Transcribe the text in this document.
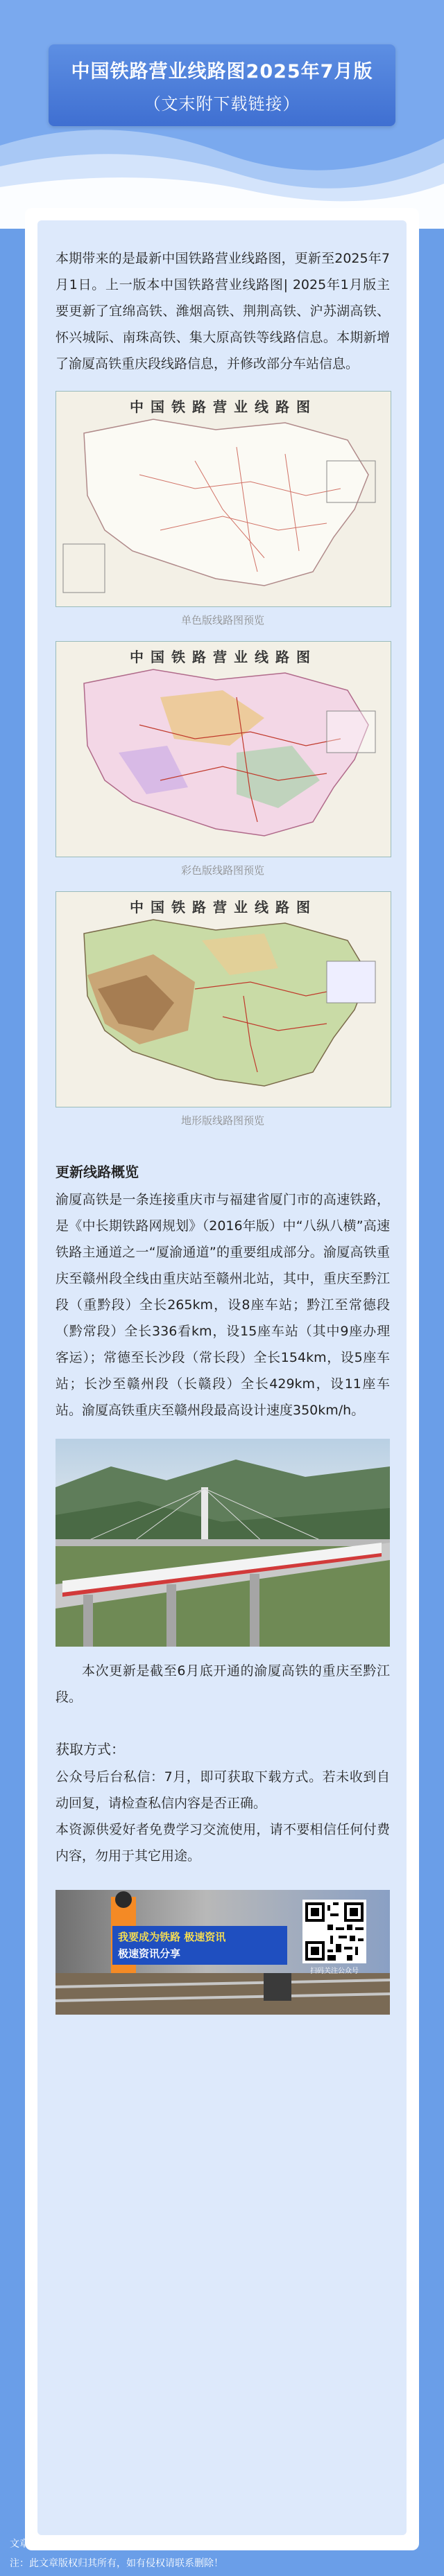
中国铁路营业线路图2025年7月版
（文末附下载链接）

本期带来的是最新中国铁路营业线路图，更新至2025年7月1日。上一版本中国铁路营业线路图| 2025年1月版主要更新了宜绵高铁、潍烟高铁、荆荆高铁、沪苏湖高铁、怀兴城际、南珠高铁、集大原高铁等线路信息。本期新增了渝厦高铁重庆段线路信息，并修改部分车站信息。

中国铁路营业线路图
单色版线路图预览
中国铁路营业线路图
彩色版线路图预览
中国铁路营业线路图
地形版线路图预览
更新线路概览

渝厦高铁是一条连接重庆市与福建省厦门市的高速铁路，是《中长期铁路网规划》（2016年版）中“八纵八横”高速铁路主通道之一“厦渝通道”的重要组成部分。渝厦高铁重庆至赣州段全线由重庆站至赣州北站，其中，重庆至黔江段（重黔段）全长265km，设8座车站；黔江至常德段（黔常段）全长336看km，设15座车站（其中9座办理客运）；常德至长沙段（常长段）全长154km，设5座车站；长沙至赣州段（长赣段）全长429km，设11座车站。渝厦高铁重庆至赣州段最高设计速度350km/h。

本次更新是截至6月底开通的渝厦高铁的重庆至黔江段。

获取方式：

公众号后台私信：7月，即可获取下载方式。若未收到自动回复，请检查私信内容是否正确。

本资源供爱好者免费学习交流使用，请不要相信任何付费内容，勿用于其它用途。

我要成为铁路 极速资讯
极速资讯分享
扫码关注公众号
文章来源：铁道知识局
注：此文章版权归其所有，如有侵权请联系删除！
